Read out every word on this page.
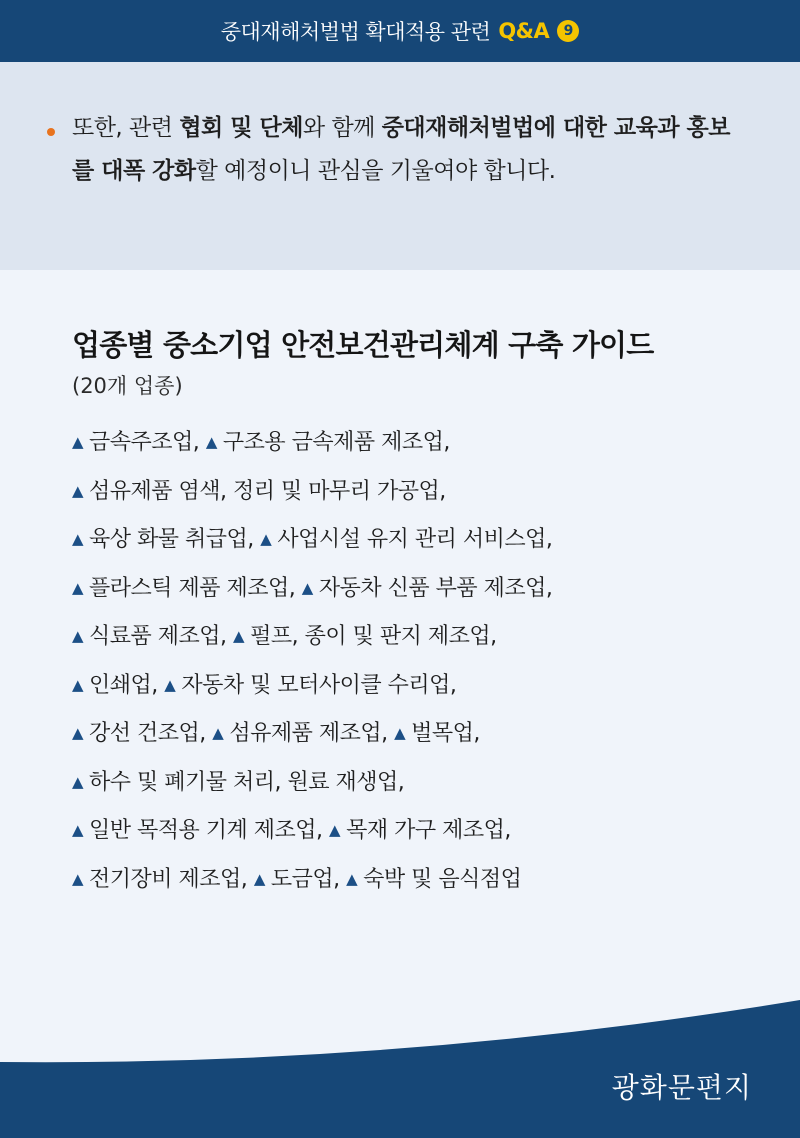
중대재해처벌법 확대적용 관련 Q&A	9
또한, 관련 협회 및 단체와 함께 중대재해처벌법에 대한 교육과 홍보를 대폭 강화할 예정이니 관심을 기울여야 합니다.
업종별 중소기업 안전보건관리체계 구축 가이드
(20개 업종)
▲ 금속주조업, ▲ 구조용 금속제품 제조업,
▲ 섬유제품 염색, 정리 및 마무리 가공업,
▲ 육상 화물 취급업, ▲ 사업시설 유지 관리 서비스업,
▲ 플라스틱 제품 제조업, ▲ 자동차 신품 부품 제조업,
▲ 식료품 제조업, ▲ 펄프, 종이 및 판지 제조업,
▲ 인쇄업, ▲ 자동차 및 모터사이클 수리업,
▲ 강선 건조업, ▲ 섬유제품 제조업, ▲ 벌목업,
▲ 하수 및 폐기물 처리, 원료 재생업,
▲ 일반 목적용 기계 제조업, ▲ 목재 가구 제조업,
▲ 전기장비 제조업, ▲ 도금업, ▲ 숙박 및 음식점업
광화문편지
